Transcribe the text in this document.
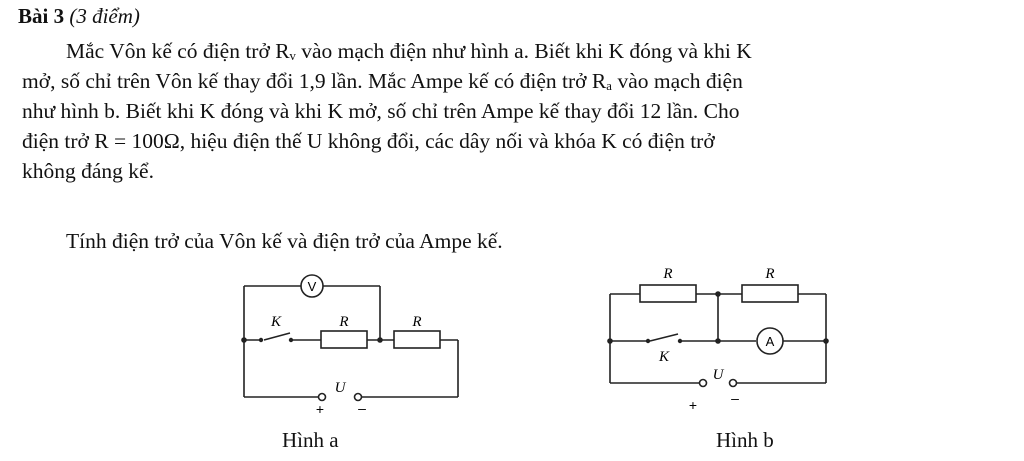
Bài 3 (3 điểm)
Mắc Vôn kế có điện trở Rᵥ vào mạch điện như hình a. Biết khi K đóng và khi K
mở, số chỉ trên Vôn kế thay đổi 1,9 lần. Mắc Ampe kế có điện trở Rₐ vào mạch điện
như hình b. Biết khi K đóng và khi K mở, số chỉ trên Ampe kế thay đổi 12 lần. Cho
điện trở R = 100Ω, hiệu điện thế U không đổi, các dây nối và khóa K có điện trở
không đáng kể.
Tính điện trở của Vôn kế và điện trở của Ampe kế.
V
K	R	R
U
+ –
Hình a
R	R
A
K
U
+ –
Hình b
